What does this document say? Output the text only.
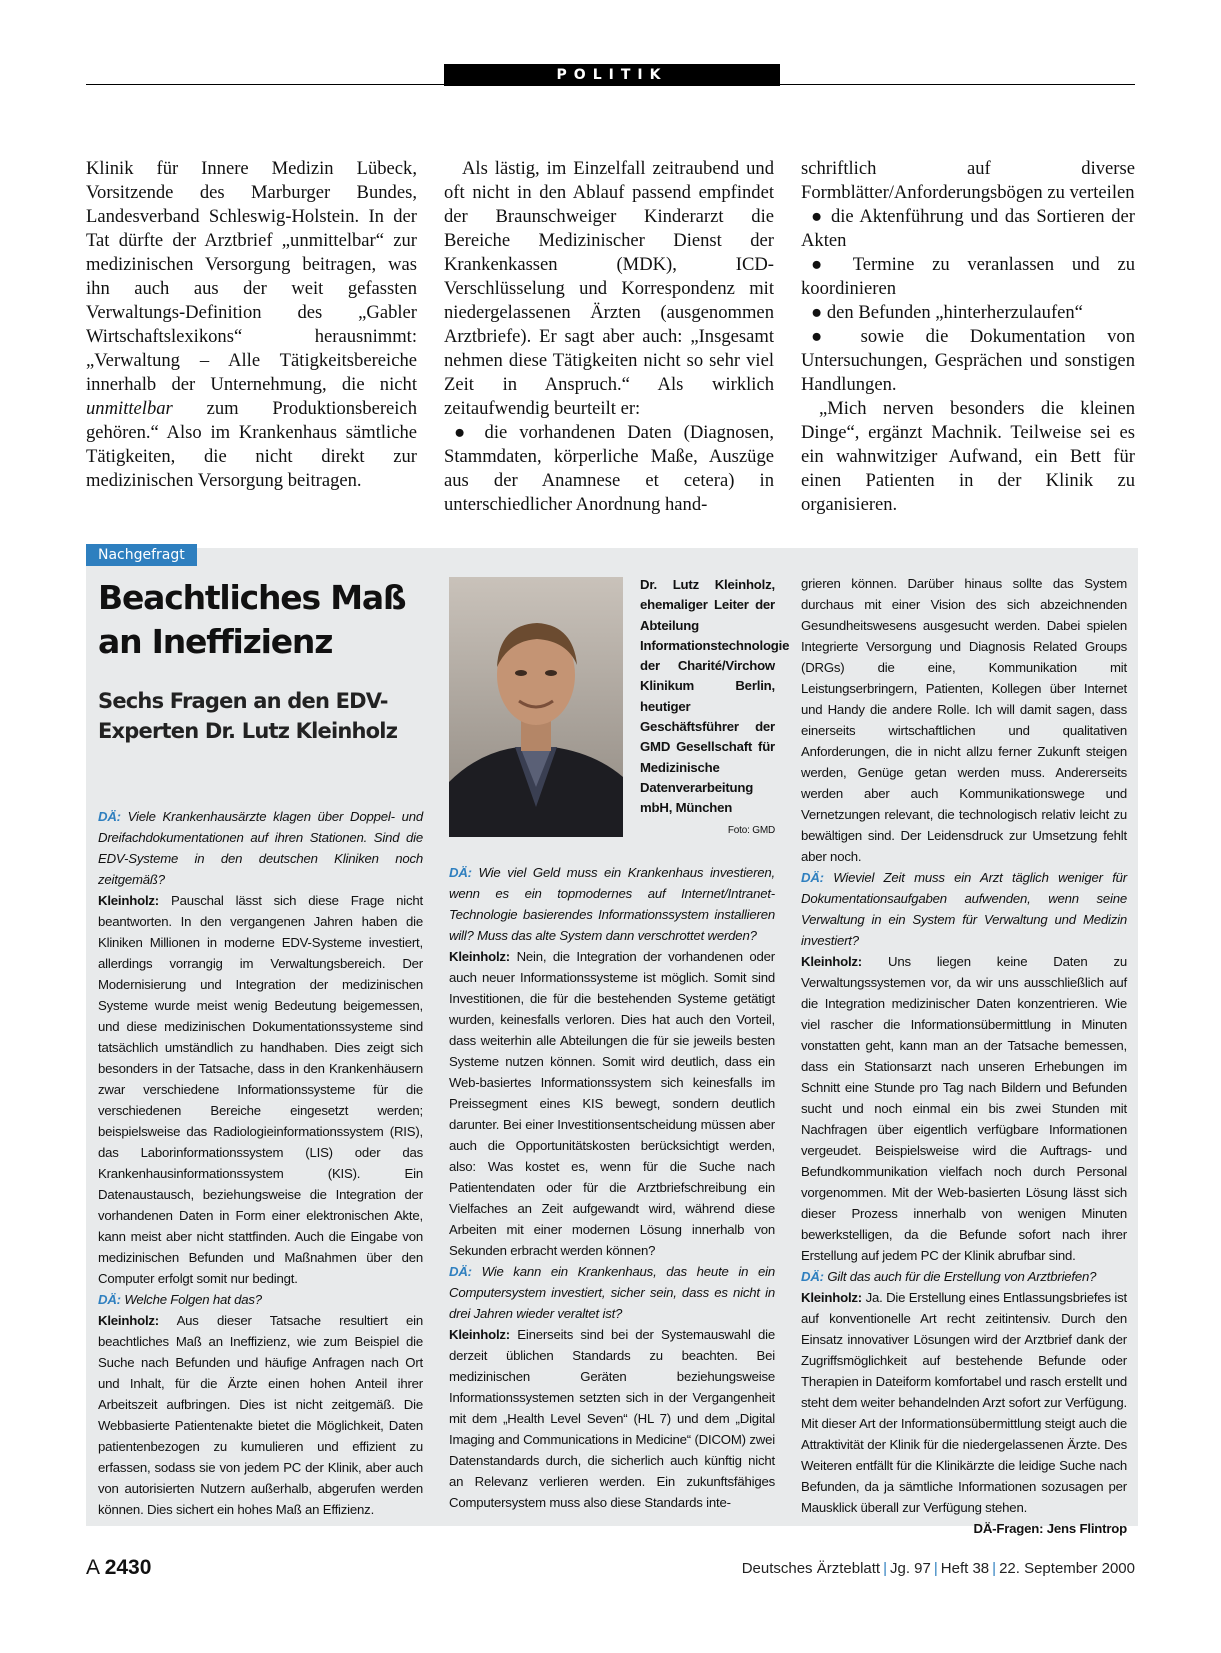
POLITIK

Klinik für Innere Medizin Lübeck, Vorsitzende des Marburger Bundes, Landesverband Schleswig-Holstein. In der Tat dürfte der Arztbrief „unmittelbar“ zur medizinischen Versorgung beitragen, was ihn auch aus der weit gefassten Verwaltungs-Definition des „Gabler Wirtschaftslexikons“ herausnimmt: „Verwaltung – Alle Tätigkeitsbereiche innerhalb der Unternehmung, die nicht unmittelbar zum Produktionsbereich gehören.“ Also im Krankenhaus sämtliche Tätigkeiten, die nicht direkt zur medizinischen Versorgung beitragen.

Als lästig, im Einzelfall zeitraubend und oft nicht in den Ablauf passend empfindet der Braunschweiger Kinderarzt die Bereiche Medizinischer Dienst der Krankenkassen (MDK), ICD-Verschlüsselung und Korrespondenz mit niedergelassenen Ärzten (ausgenommen Arztbriefe). Er sagt aber auch: „Insgesamt nehmen diese Tätigkeiten nicht so sehr viel Zeit in Anspruch.“ Als wirklich zeitaufwendig beurteilt er:

● die vorhandenen Daten (Diagnosen, Stammdaten, körperliche Maße, Auszüge aus der Anamnese et cetera) in unterschiedlicher Anordnung hand-

schriftlich auf diverse Formblätter/Anforderungsbögen zu verteilen

● die Aktenführung und das Sortieren der Akten

● Termine zu veranlassen und zu koordinieren

● den Befunden „hinterherzulaufen“

● sowie die Dokumentation von Untersuchungen, Gesprächen und sonstigen Handlungen.

„Mich nerven besonders die kleinen Dinge“, ergänzt Machnik. Teilweise sei es ein wahnwitziger Aufwand, ein Bett für einen Patienten in der Klinik zu organisieren.

Nachgefragt
Beachtliches Maß an Ineffizienz
Sechs Fragen an den EDV-Experten Dr. Lutz Kleinholz

DÄ: Viele Krankenhausärzte klagen über Doppel- und Dreifachdokumentationen auf ihren Stationen. Sind die EDV-Systeme in den deutschen Kliniken noch zeitgemäß?

Kleinholz: Pauschal lässt sich diese Frage nicht beantworten. In den vergangenen Jahren haben die Kliniken Millionen in moderne EDV-Systeme investiert, allerdings vorrangig im Verwaltungsbereich. Der Modernisierung und Integration der medizinischen Systeme wurde meist wenig Bedeutung beigemessen, und diese medizinischen Dokumentationssysteme sind tatsächlich umständlich zu handhaben. Dies zeigt sich besonders in der Tatsache, dass in den Krankenhäusern zwar verschiedene Informationssysteme für die verschiedenen Bereiche eingesetzt werden; beispielsweise das Radiologieinformationssystem (RIS), das Laborinformationssystem (LIS) oder das Krankenhausinformationssystem (KIS). Ein Datenaustausch, beziehungsweise die Integration der vorhandenen Daten in Form einer elektronischen Akte, kann meist aber nicht stattfinden. Auch die Eingabe von medizinischen Befunden und Maßnahmen über den Computer erfolgt somit nur bedingt.

DÄ: Welche Folgen hat das?

Kleinholz: Aus dieser Tatsache resultiert ein beachtliches Maß an Ineffizienz, wie zum Beispiel die Suche nach Befunden und häufige Anfragen nach Ort und Inhalt, für die Ärzte einen hohen Anteil ihrer Arbeitszeit aufbringen. Dies ist nicht zeitgemäß. Die Webbasierte Patientenakte bietet die Möglichkeit, Daten patientenbezogen zu kumulieren und effizient zu erfassen, sodass sie von jedem PC der Klinik, aber auch von autorisierten Nutzern außerhalb, abgerufen werden können. Dies sichert ein hohes Maß an Effizienz.

Dr. Lutz Kleinholz, ehemaliger Leiter der Abteilung Informationstechnologie der Charité/Virchow Klinikum Berlin, heutiger Geschäftsführer der GMD Gesellschaft für Medizinische Datenverarbeitung mbH, München
Foto: GMD

DÄ: Wie viel Geld muss ein Krankenhaus investieren, wenn es ein topmodernes auf Internet/Intranet-Technologie basierendes Informationssystem installieren will? Muss das alte System dann verschrottet werden?

Kleinholz: Nein, die Integration der vorhandenen oder auch neuer Informationssysteme ist möglich. Somit sind Investitionen, die für die bestehenden Systeme getätigt wurden, keinesfalls verloren. Dies hat auch den Vorteil, dass weiterhin alle Abteilungen die für sie jeweils besten Systeme nutzen können. Somit wird deutlich, dass ein Web-basiertes Informationssystem sich keinesfalls im Preissegment eines KIS bewegt, sondern deutlich darunter. Bei einer Investitionsentscheidung müssen aber auch die Opportunitätskosten berücksichtigt werden, also: Was kostet es, wenn für die Suche nach Patientendaten oder für die Arztbriefschreibung ein Vielfaches an Zeit aufgewandt wird, während diese Arbeiten mit einer modernen Lösung innerhalb von Sekunden erbracht werden können?

DÄ: Wie kann ein Krankenhaus, das heute in ein Computersystem investiert, sicher sein, dass es nicht in drei Jahren wieder veraltet ist?

Kleinholz: Einerseits sind bei der Systemauswahl die derzeit üblichen Standards zu beachten. Bei medizinischen Geräten beziehungsweise Informationssystemen setzten sich in der Vergangenheit mit dem „Health Level Seven“ (HL 7) und dem „Digital Imaging and Communications in Medicine“ (DICOM) zwei Datenstandards durch, die sicherlich auch künftig nicht an Relevanz verlieren werden. Ein zukunftsfähiges Computersystem muss also diese Standards inte-

grieren können. Darüber hinaus sollte das System durchaus mit einer Vision des sich abzeichnenden Gesundheitswesens ausgesucht werden. Dabei spielen Integrierte Versorgung und Diagnosis Related Groups (DRGs) die eine, Kommunikation mit Leistungserbringern, Patienten, Kollegen über Internet und Handy die andere Rolle. Ich will damit sagen, dass einerseits wirtschaftlichen und qualitativen Anforderungen, die in nicht allzu ferner Zukunft steigen werden, Genüge getan werden muss. Andererseits werden aber auch Kommunikationswege und Vernetzungen relevant, die technologisch relativ leicht zu bewältigen sind. Der Leidensdruck zur Umsetzung fehlt aber noch.

DÄ: Wieviel Zeit muss ein Arzt täglich weniger für Dokumentationsaufgaben aufwenden, wenn seine Verwaltung in ein System für Verwaltung und Medizin investiert?

Kleinholz: Uns liegen keine Daten zu Verwaltungssystemen vor, da wir uns ausschließlich auf die Integration medizinischer Daten konzentrieren. Wie viel rascher die Informationsübermittlung in Minuten vonstatten geht, kann man an der Tatsache bemessen, dass ein Stationsarzt nach unseren Erhebungen im Schnitt eine Stunde pro Tag nach Bildern und Befunden sucht und noch einmal ein bis zwei Stunden mit Nachfragen über eigentlich verfügbare Informationen vergeudet. Beispielsweise wird die Auftrags- und Befundkommunikation vielfach noch durch Personal vorgenommen. Mit der Web-basierten Lösung lässt sich dieser Prozess innerhalb von wenigen Minuten bewerkstelligen, da die Befunde sofort nach ihrer Erstellung auf jedem PC der Klinik abrufbar sind.

DÄ: Gilt das auch für die Erstellung von Arztbriefen?

Kleinholz: Ja. Die Erstellung eines Entlassungsbriefes ist auf konventionelle Art recht zeitintensiv. Durch den Einsatz innovativer Lösungen wird der Arztbrief dank der Zugriffsmöglichkeit auf bestehende Befunde oder Therapien in Dateiform komfortabel und rasch erstellt und steht dem weiter behandelnden Arzt sofort zur Verfügung. Mit dieser Art der Informationsübermittlung steigt auch die Attraktivität der Klinik für die niedergelassenen Ärzte. Des Weiteren entfällt für die Klinikärzte die leidige Suche nach Befunden, da ja sämtliche Informationen sozusagen per Mausklick überall zur Verfügung stehen.
DÄ-Fragen: Jens Flintrop

A 2430	Deutsches Ärzteblatt | Jg. 97 | Heft 38 | 22. September 2000
